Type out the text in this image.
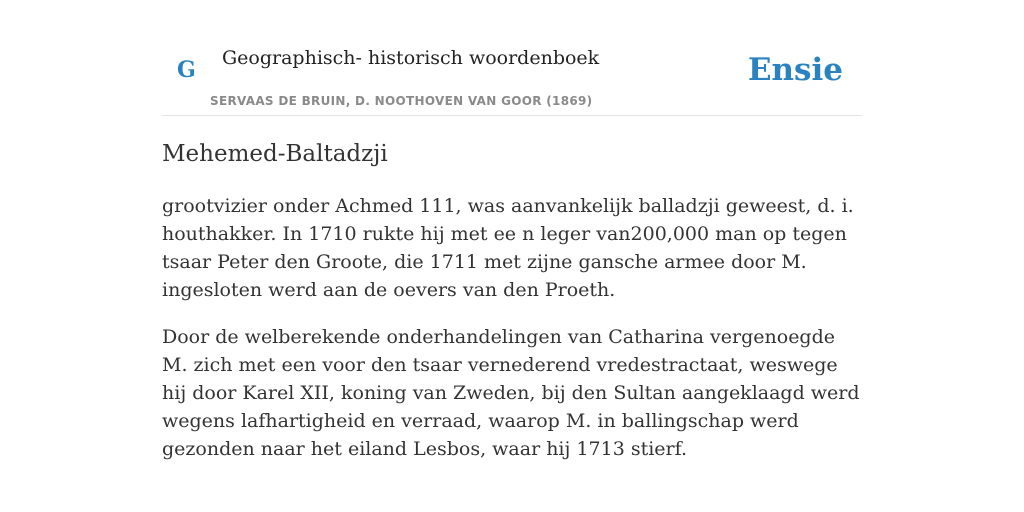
G Geographisch- historisch woordenboek
SERVAAS DE BRUIN, D. NOOTHOVEN VAN GOOR (1869)
Ensie
Mehemed-Baltadzji

grootvizier onder Achmed 111, was aanvankelijk balladzji geweest, d. i. houthakker. In 1710 rukte hij met ee n leger van200,000 man op tegen tsaar Peter den Groote, die 1711 met zijne gansche armee door M. ingesloten werd aan de oevers van den Proeth.

Door de welberekende onderhandelingen van Catharina vergenoegde M. zich met een voor den tsaar vernederend vredestractaat, weswege hij door Karel XII, koning van Zweden, bij den Sultan aangeklaagd werd wegens lafhartigheid en verraad, waarop M. in ballingschap werd gezonden naar het eiland Lesbos, waar hij 1713 stierf.
